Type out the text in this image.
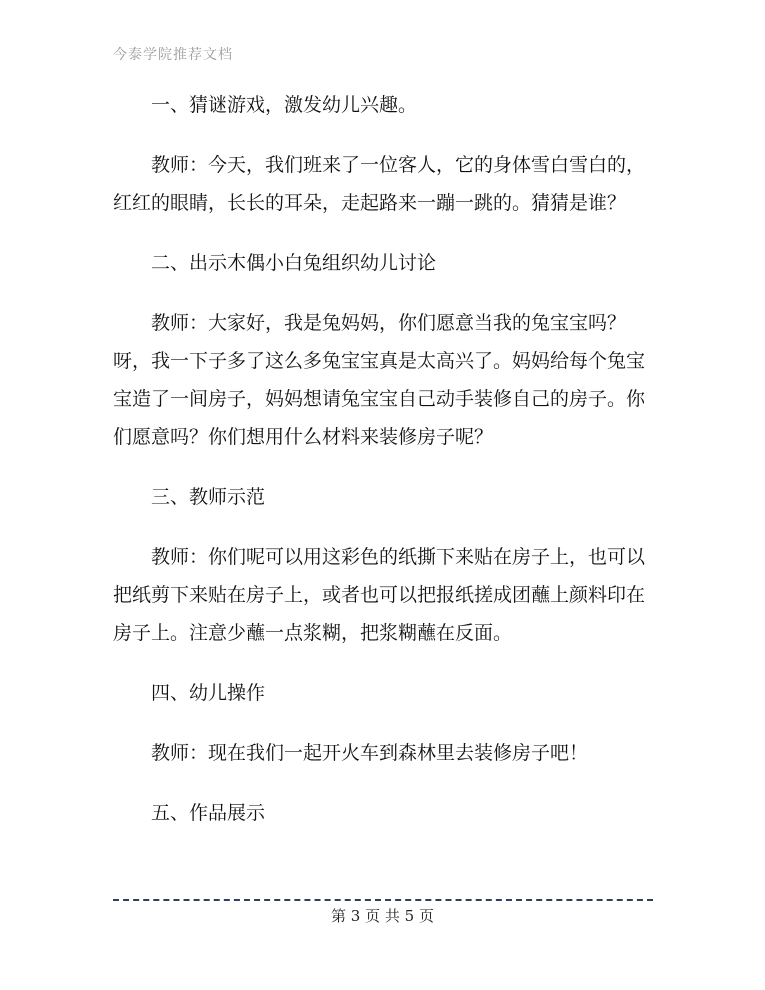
今泰学院推荐文档

一、猜谜游戏，激发幼儿兴趣。

教师：今天，我们班来了一位客人，它的身体雪白雪白的，红红的眼睛，长长的耳朵，走起路来一蹦一跳的。猜猜是谁？

二、出示木偶小白兔组织幼儿讨论

教师：大家好，我是兔妈妈，你们愿意当我的兔宝宝吗？呀，我一下子多了这么多兔宝宝真是太高兴了。妈妈给每个兔宝宝造了一间房子，妈妈想请兔宝宝自己动手装修自己的房子。你们愿意吗？你们想用什么材料来装修房子呢？

三、教师示范

教师：你们呢可以用这彩色的纸撕下来贴在房子上，也可以把纸剪下来贴在房子上，或者也可以把报纸搓成团蘸上颜料印在房子上。注意少蘸一点浆糊，把浆糊蘸在反面。

四、幼儿操作

教师：现在我们一起开火车到森林里去装修房子吧！

五、作品展示

第 3 页 共 5 页
